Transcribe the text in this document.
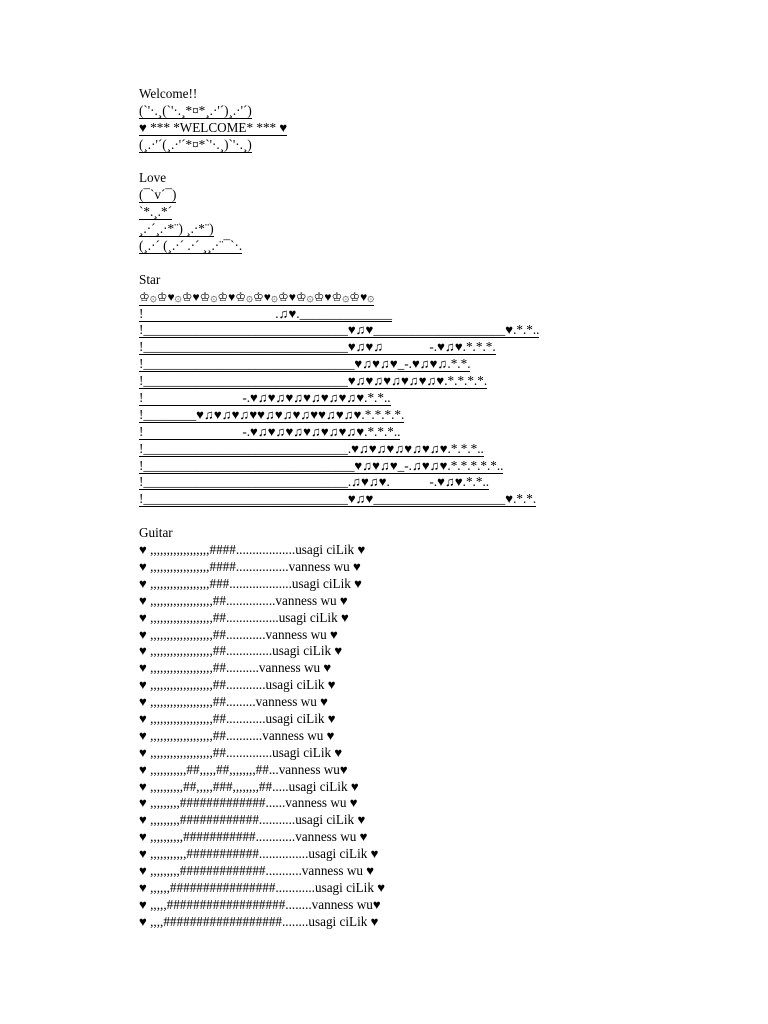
Welcome!!
(`'·.¸(`'·.¸*¤*¸.·'´)¸.·'´)
♥ *** *WELCOME* *** ♥
(¸.·'´(¸.·'´*¤*`'·.¸)`'·.¸)
Love
(¯`v´¯)
`*.¸.*´
¸.·´¸.·*¨) ¸.·*¨)
(¸.·´ (¸.·´ .·´ ¸¸.·¨¯`·.
Star
♔۞♔♥۞♔♥♔۞♔♥♔۞♔♥۞♔♥♔۞♔♥♔۞♔♥۞
!	.♫♥.______________
!_______________________________♥♫♥____________________♥.*.*..
!_______________________________♥♫♥♫              -.♥♫♥.*.*.*.
!________________________________♥♫♥♫♥_-.♥♫♥♫.*.*.
!_______________________________♥♫♥♫♥♫♥♫♥♫♥.*.*.*.*.
!	-.♥♫♥♫♥♫♥♫♥♫♥♫♥.*.*..
!________♥♫♥♫♥♫♥♥♫♥♫♥♫♥♥♫♥♫♥.*.*.*.*.
!	-.♥♫♥♫♥♫♥♫♥♫♥♫♥.*.*.*..
!_______________________________.♥♫♥♫♥♫♥♫♥♫♥.*.*.*..
!________________________________♥♫♥♫♥_-.♫♥♫♥.*.*.*.*.*..
!_______________________________.♫♥♫♥.            -.♥♫♥.*.*..
!_______________________________♥♫♥____________________♥.*.*.
Guitar
♥ ,,,,,,,,,,,,,,,,,,####..................usagi ciLik ♥
♥ ,,,,,,,,,,,,,,,,,,####................vanness wu ♥
♥ ,,,,,,,,,,,,,,,,,,###...................usagi ciLik ♥
♥ ,,,,,,,,,,,,,,,,,,,##...............vanness wu ♥
♥ ,,,,,,,,,,,,,,,,,,,##................usagi ciLik ♥
♥ ,,,,,,,,,,,,,,,,,,,##............vanness wu ♥
♥ ,,,,,,,,,,,,,,,,,,,##..............usagi ciLik ♥
♥ ,,,,,,,,,,,,,,,,,,,##..........vanness wu ♥
♥ ,,,,,,,,,,,,,,,,,,,##............usagi ciLik ♥
♥ ,,,,,,,,,,,,,,,,,,,##.........vanness wu ♥
♥ ,,,,,,,,,,,,,,,,,,,##............usagi ciLik ♥
♥ ,,,,,,,,,,,,,,,,,,,##...........vanness wu ♥
♥ ,,,,,,,,,,,,,,,,,,,##..............usagi ciLik ♥
♥ ,,,,,,,,,,,##,,,,,##,,,,,,,,##...vanness wu♥
♥ ,,,,,,,,,,##,,,,,###,,,,,,,,##.....usagi ciLik ♥
♥ ,,,,,,,,,#############......vanness wu ♥
♥ ,,,,,,,,,############...........usagi ciLik ♥
♥ ,,,,,,,,,,###########............vanness wu ♥
♥ ,,,,,,,,,,,###########...............usagi ciLik ♥
♥ ,,,,,,,,,#############...........vanness wu ♥
♥ ,,,,,,################............usagi ciLik ♥
♥ ,,,,,##################........vanness wu♥
♥ ,,,,##################........usagi ciLik ♥
